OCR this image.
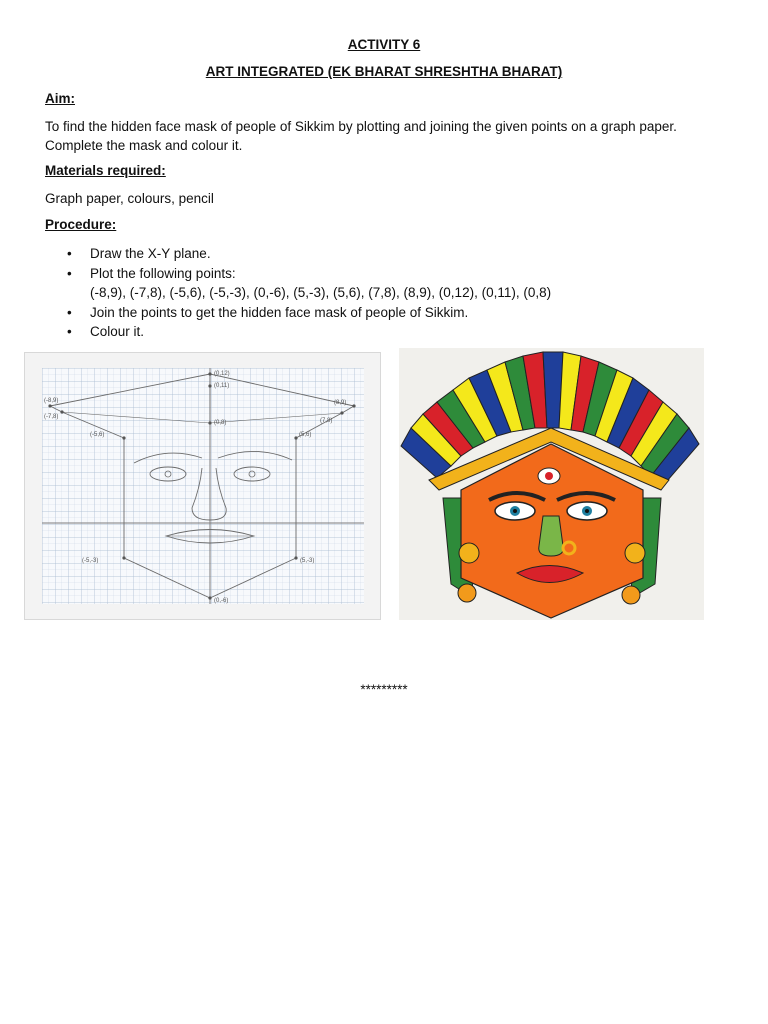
ACTIVITY 6
ART INTEGRATED (EK BHARAT SHRESHTHA BHARAT)
Aim:
To find the hidden face mask of people of Sikkim by plotting and joining the given points on a graph paper. Complete the mask and colour it.
Materials required:
Graph paper, colours, pencil
Procedure:
• Draw the X-Y plane.
• Plot the following points:
(-8,9), (-7,8), (-5,6), (-5,-3), (0,-6), (5,-3), (5,6), (7,8), (8,9), (0,12), (0,11), (0,8)
• Join the points to get the hidden face mask of people of Sikkim.
• Colour it.
(0,12)
(0,11)
(8,9)
(7,8)
(-8,9)
(-7,8)
(-5,6)	(5,6)
(-5,-3)	(5,-3)
(0,-6)
(0,8)
*********
